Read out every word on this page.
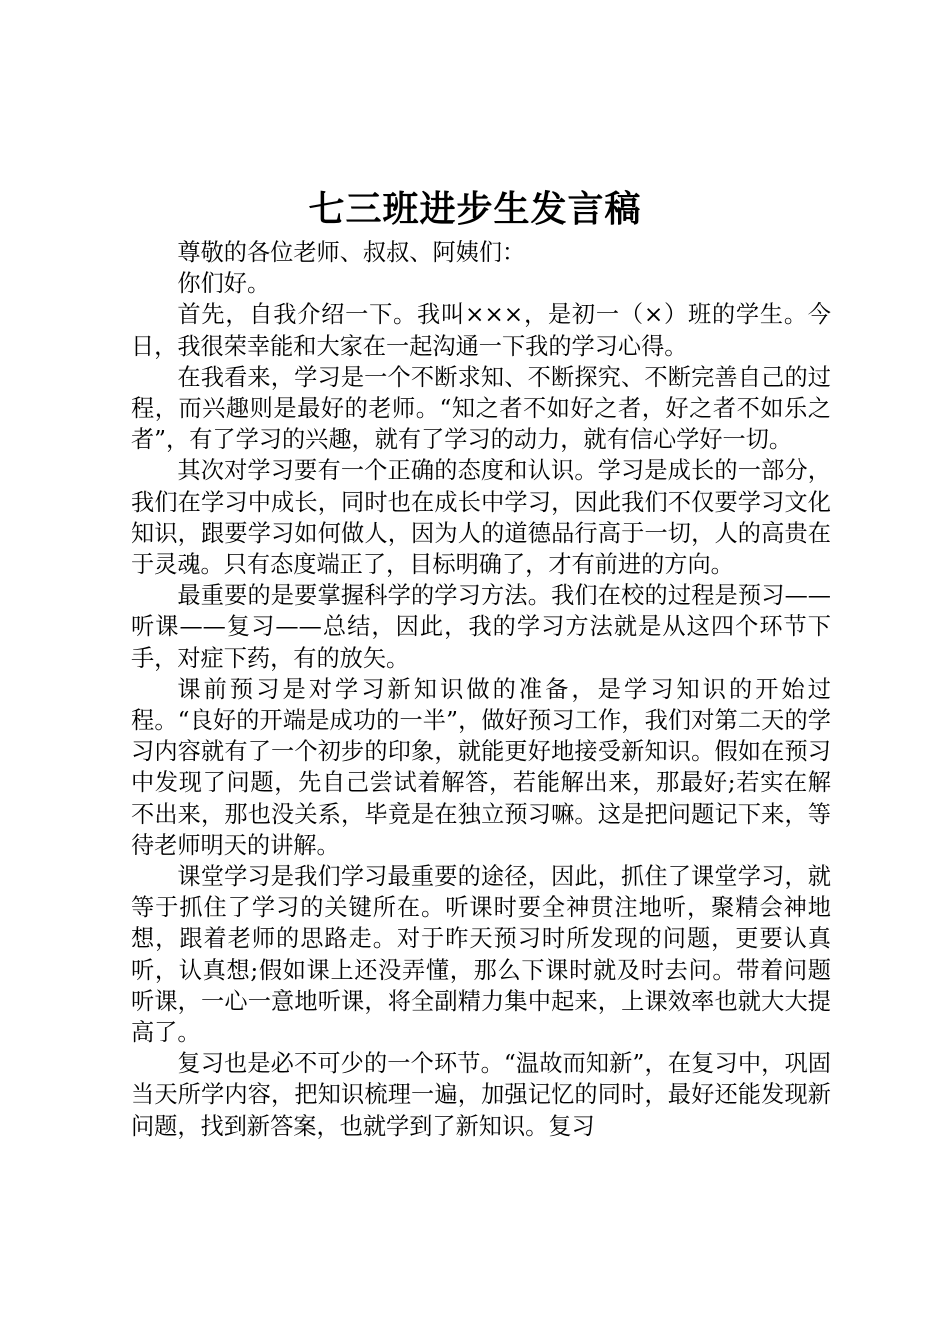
七三班进步生发言稿

尊敬的各位老师、叔叔、阿姨们：

你们好。

首先，自我介绍一下。我叫×××，是初一（×）班的学生。今日，我很荣幸能和大家在一起沟通一下我的学习心得。

在我看来，学习是一个不断求知、不断探究、不断完善自己的过程，而兴趣则是最好的老师。“知之者不如好之者，好之者不如乐之者”，有了学习的兴趣，就有了学习的动力，就有信心学好一切。

其次对学习要有一个正确的态度和认识。学习是成长的一部分，我们在学习中成长，同时也在成长中学习，因此我们不仅要学习文化知识，跟要学习如何做人，因为人的道德品行高于一切，人的高贵在于灵魂。只有态度端正了，目标明确了，才有前进的方向。

最重要的是要掌握科学的学习方法。我们在校的过程是预习——听课——复习——总结，因此，我的学习方法就是从这四个环节下手，对症下药，有的放矢。

课前预习是对学习新知识做的准备，是学习知识的开始过程。“良好的开端是成功的一半”，做好预习工作，我们对第二天的学习内容就有了一个初步的印象，就能更好地接受新知识。假如在预习中发现了问题，先自己尝试着解答，若能解出来，那最好;若实在解不出来，那也没关系，毕竟是在独立预习嘛。这是把问题记下来，等待老师明天的讲解。

课堂学习是我们学习最重要的途径，因此，抓住了课堂学习，就等于抓住了学习的关键所在。听课时要全神贯注地听，聚精会神地想，跟着老师的思路走。对于昨天预习时所发现的问题，更要认真听，认真想;假如课上还没弄懂，那么下课时就及时去问。带着问题听课，一心一意地听课，将全副精力集中起来，上课效率也就大大提高了。

复习也是必不可少的一个环节。“温故而知新”，在复习中，巩固当天所学内容，把知识梳理一遍，加强记忆的同时，最好还能发现新问题，找到新答案，也就学到了新知识。复习
